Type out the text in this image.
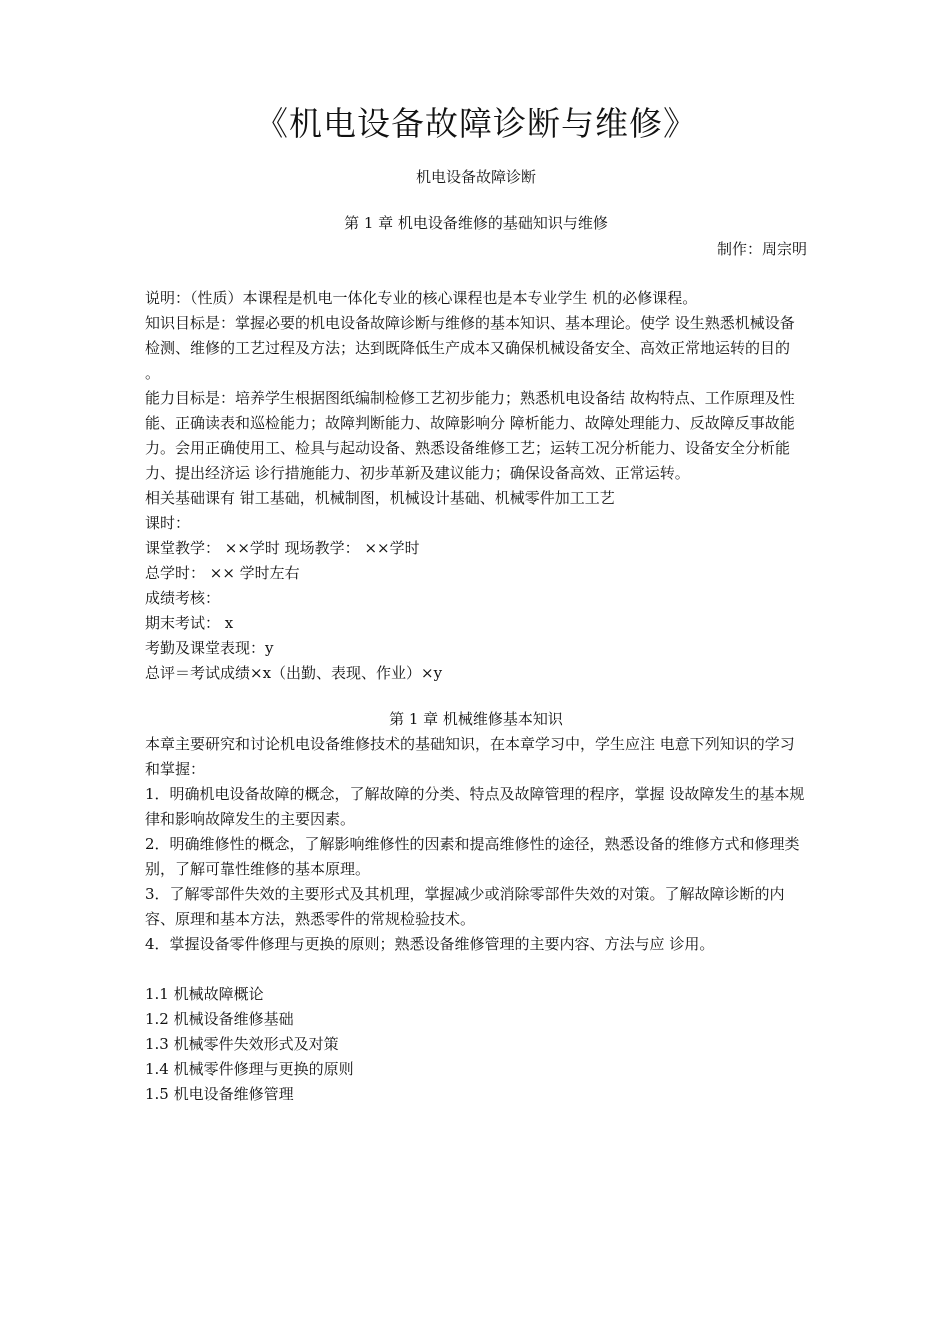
《机电设备故障诊断与维修》
机电设备故障诊断
第 1 章 机电设备维修的基础知识与维修
制作：周宗明

说明：（性质）本课程是机电一体化专业的核心课程也是本专业学生 机的必修课程。

知识目标是：掌握必要的机电设备故障诊断与维修的基本知识、基本理论。使学 设生熟悉机械设备检测、维修的工艺过程及方法；达到既降低生产成本又确保机械设备安全、高效正常地运转的目的 。

能力目标是：培养学生根据图纸编制检修工艺初步能力；熟悉机电设备结 故构特点、工作原理及性能、正确读表和巡检能力；故障判断能力、故障影响分 障析能力、故障处理能力、反故障反事故能力。会用正确使用工、检具与起动设备、熟悉设备维修工艺；运转工况分析能力、设备安全分析能力、提出经济运 诊行措施能力、初步革新及建议能力；确保设备高效、正常运转。

相关基础课有 钳工基础，机械制图，机械设计基础、机械零件加工工艺

课时：

课堂教学： ××学时 现场教学： ××学时

总学时： ×× 学时左右

成绩考核：

期末考试： x

考勤及课堂表现：y

总评＝考试成绩×x（出勤、表现、作业）×y

第 1 章 机械维修基本知识

本章主要研究和讨论机电设备维修技术的基础知识，在本章学习中，学生应注 电意下列知识的学习和掌握：

1．明确机电设备故障的概念，了解故障的分类、特点及故障管理的程序，掌握 设故障发生的基本规律和影响故障发生的主要因素。

2．明确维修性的概念，了解影响维修性的因素和提高维修性的途径，熟悉设备的维修方式和修理类别，了解可靠性维修的基本原理。

3．了解零部件失效的主要形式及其机理，掌握减少或消除零部件失效的对策。了解故障诊断的内容、原理和基本方法，熟悉零件的常规检验技术。

4．掌握设备零件修理与更换的原则；熟悉设备维修管理的主要内容、方法与应 诊用。

1.1 机械故障概论

1.2 机械设备维修基础

1.3 机械零件失效形式及对策

1.4 机械零件修理与更换的原则

1.5 机电设备维修管理
